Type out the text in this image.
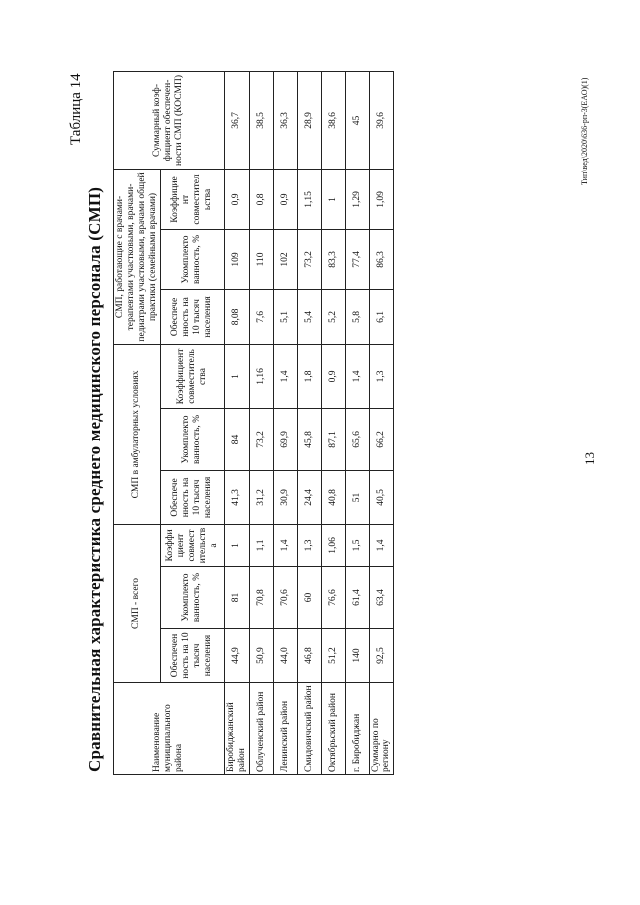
13
Таблица 14
Сравнительная характеристика среднего медицинского персонала (СМП)	Наименование муниципального района	СМП - всего			СМП в амбулаторных условиях			СМП, работающие с врачами-терапевтами участковыми, врачами-педиатрами участковыми, врачами общей практики (семейными врачами)			Суммарный коэф-фициент обеспечен-ности СМП (КОСМП)
	Обеспечен ность на 10 тысяч населения	Укомплекто ванность, %	Коэффи циент совмест ительств а	Обеспече нность на 10 тысяч населения	Укомплекто ванность, %	Коэффициент совместитель ства	Обеспече нность на 10 тысяч населения	Укомплекто ванность, %	Коэффицие нт совместител ьства	
Биробиджанский район	44,9	81	1	41,3	84	1	8,08	109	0,9	36,7
Облученский район	50,9	70,8	1,1	31,2	73,2	1,16	7,6	110	0,8	38,5
Ленинский район	44,0	70,6	1,4	30,9	69,9	1,4	5,1	102	0,9	36,3
Смидовичский район	46,8	60	1,3	24,4	45,8	1,8	5,4	73,2	1,15	28,9
Октябрьский район	51,2	76,6	1,06	40,8	87,1	0,9	5,2	83,3	1	38,6
г. Биробиджан	140	61,4	1,5	51	65,6	1,4	5,8	77,4	1,29	45
Суммарно по региону	92,5	63,4	1,4	40,5	66,2	1,3	6,1	86,3	1,09	39,6	Тип\вед\2020\636-рп-3(ЕАО)(1)
